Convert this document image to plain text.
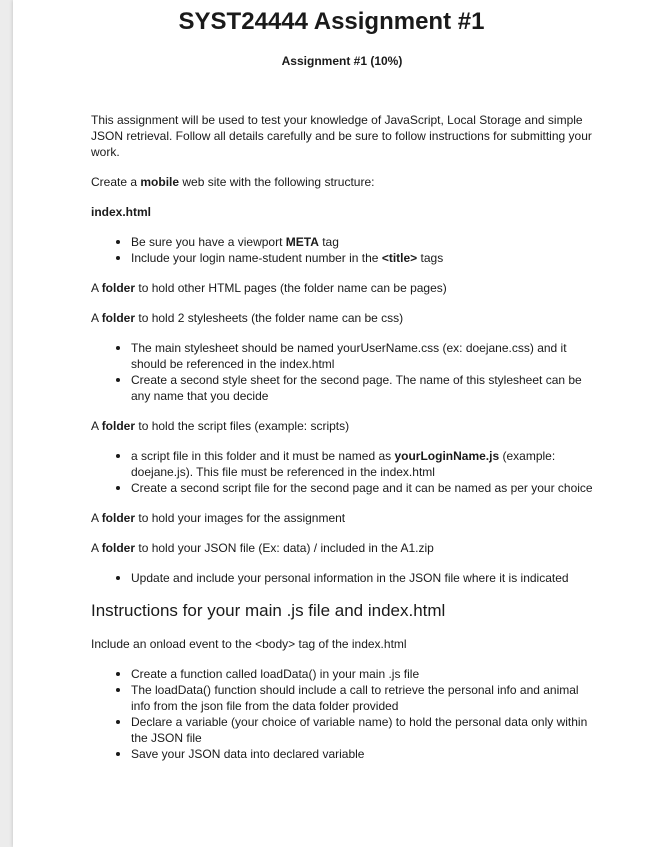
SYST24444 Assignment #1
Assignment #1 (10%)

This assignment will be used to test your knowledge of JavaScript, Local Storage and simple JSON retrieval. Follow all details carefully and be sure to follow instructions for submitting your work.

Create a mobile web site with the following structure:

index.html

Be sure you have a viewport META tag
Include your login name-student number in the <title> tags

A folder to hold other HTML pages (the folder name can be pages)

A folder to hold 2 stylesheets (the folder name can be css)

The main stylesheet should be named yourUserName.css (ex: doejane.css) and it should be referenced in the index.html
Create a second style sheet for the second page. The name of this stylesheet can be any name that you decide

A folder to hold the script files (example: scripts)

a script file in this folder and it must be named as yourLoginName.js (example: doejane.js). This file must be referenced in the index.html
Create a second script file for the second page and it can be named as per your choice

A folder to hold your images for the assignment

A folder to hold your JSON file (Ex: data) / included in the A1.zip

Update and include your personal information in the JSON file where it is indicated
Instructions for your main .js file and index.html

Include an onload event to the <body> tag of the index.html

Create a function called loadData() in your main .js file
The loadData() function should include a call to retrieve the personal info and animal info from the json file from the data folder provided
Declare a variable (your choice of variable name) to hold the personal data only within the JSON file
Save your JSON data into declared variable
